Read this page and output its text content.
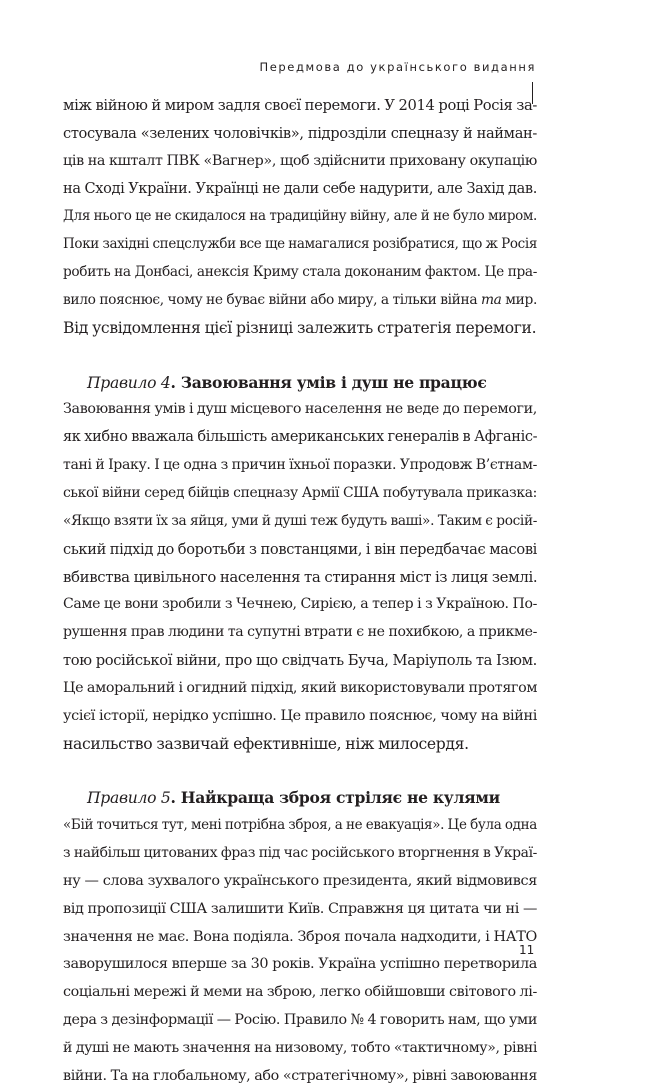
Передмова до українського видання
між війною й миром задля своєї перемоги. У 2014 році Росія за-
стосувала «зелених чоловічків», підрозділи спецназу й найман-
ців на кшталт ПВК «Вагнер», щоб здійснити приховану окупацію
на Сході України. Українці не дали себе надурити, але Захід дав.
Для нього це не скидалося на традиційну війну, але й не було миром.
Поки західні спецслужби все ще намагалися розібратися, що ж Росія
робить на Донбасі, анексія Криму стала доконаним фактом. Це пра-
вило пояснює, чому не буває війни або миру, а тільки війна та мир.
Від усвідомлення цієї різниці залежить стратегія перемоги.
Правило 4. Завоювання умів і душ не працює
Завоювання умів і душ місцевого населення не веде до перемоги,
як хибно вважала більшість американських генералів в Афганіс-
тані й Іраку. І це одна з причин їхньої поразки. Упродовж В’єтнам-
ської війни серед бійців спецназу Армії США побутувала приказка:
«Якщо взяти їх за яйця, уми й душі теж будуть ваші». Таким є росій-
ський підхід до боротьби з повстанцями, і він передбачає масові
вбивства цивільного населення та стирання міст із лиця землі.
Саме це вони зробили з Чечнею, Сирією, а тепер і з Україною. По-
рушення прав людини та супутні втрати є не похибкою, а прикме-
тою російської війни, про що свідчать Буча, Маріуполь та Ізюм.
Це аморальний і огидний підхід, який використовували протягом
усієї історії, нерідко успішно. Це правило пояснює, чому на війні
насильство зазвичай ефективніше, ніж милосердя.
Правило 5. Найкраща зброя стріляє не кулями
«Бій точиться тут, мені потрібна зброя, а не евакуація». Це була одна
з найбільш цитованих фраз під час російського вторгнення в Украї-
ну — слова зухвалого українського президента, який відмовився
від пропозиції США залишити Київ. Справжня ця цитата чи ні —
значення не має. Вона подіяла. Зброя почала надходити, і НАТО
заворушилося вперше за 30 років. Україна успішно перетворила
соціальні мережі й меми на зброю, легко обійшовши світового лі-
дера з дезінформації — Росію. Правило № 4 говорить нам, що уми
й душі не мають значення на низовому, тобто «тактичному», рівні
війни. Та на глобальному, або «стратегічному», рівні завоювання
11
